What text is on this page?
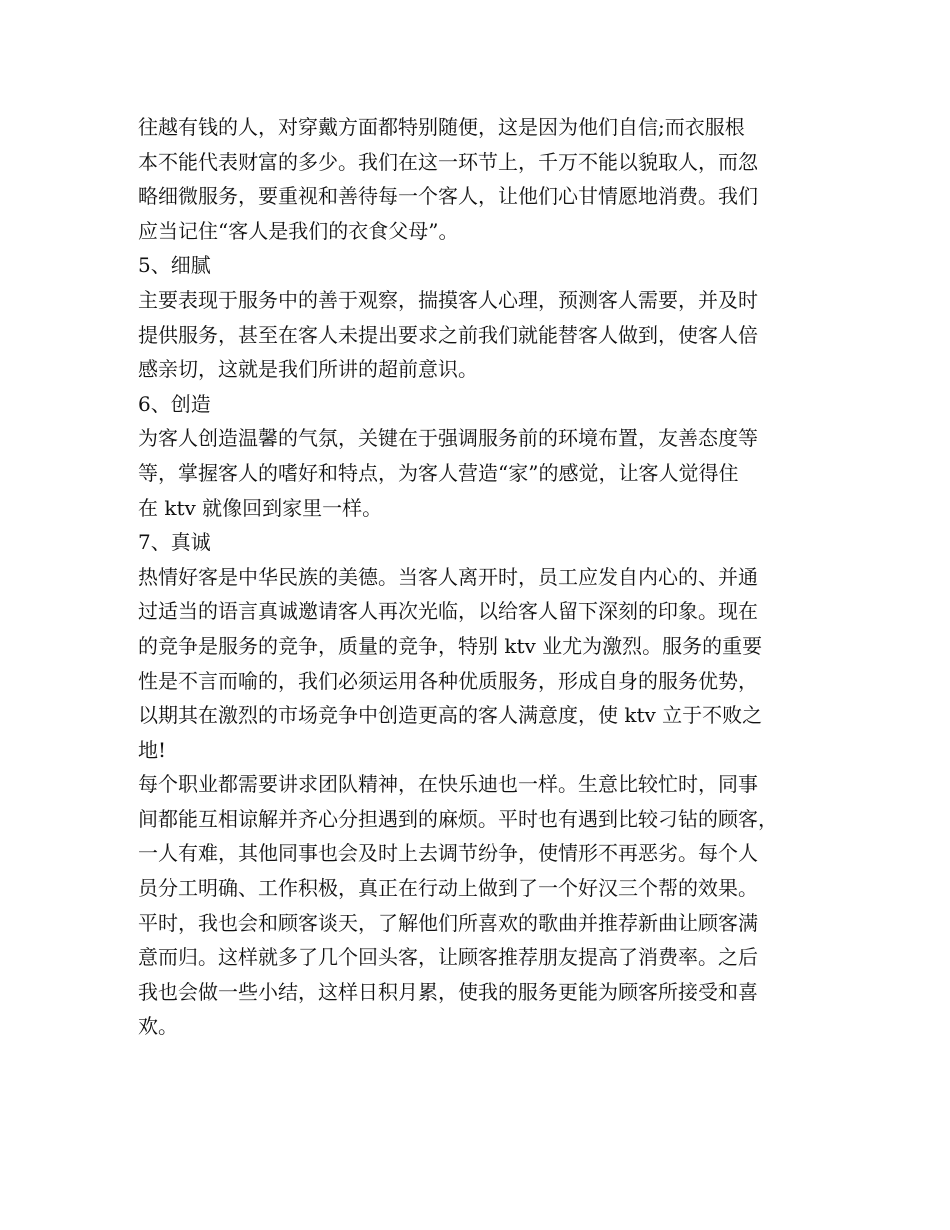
往越有钱的人，对穿戴方面都特别随便，这是因为他们自信;而衣服根
本不能代表财富的多少。我们在这一环节上，千万不能以貌取人，而忽
略细微服务，要重视和善待每一个客人，让他们心甘情愿地消费。我们
应当记住“客人是我们的衣食父母”。
5、细腻
主要表现于服务中的善于观察，揣摸客人心理，预测客人需要，并及时
提供服务，甚至在客人未提出要求之前我们就能替客人做到，使客人倍
感亲切，这就是我们所讲的超前意识。
6、创造
为客人创造温馨的气氛，关键在于强调服务前的环境布置，友善态度等
等，掌握客人的嗜好和特点，为客人营造“家”的感觉，让客人觉得住
在 ktv 就像回到家里一样。
7、真诚
热情好客是中华民族的美德。当客人离开时，员工应发自内心的、并通
过适当的语言真诚邀请客人再次光临，以给客人留下深刻的印象。现在
的竞争是服务的竞争，质量的竞争，特别 ktv 业尤为激烈。服务的重要
性是不言而喻的，我们必须运用各种优质服务，形成自身的服务优势，
以期其在激烈的市场竞争中创造更高的客人满意度，使 ktv 立于不败之
地!
每个职业都需要讲求团队精神，在快乐迪也一样。生意比较忙时，同事
间都能互相谅解并齐心分担遇到的麻烦。平时也有遇到比较刁钻的顾客，
一人有难，其他同事也会及时上去调节纷争，使情形不再恶劣。每个人
员分工明确、工作积极，真正在行动上做到了一个好汉三个帮的效果。
平时，我也会和顾客谈天，了解他们所喜欢的歌曲并推荐新曲让顾客满
意而归。这样就多了几个回头客，让顾客推荐朋友提高了消费率。之后
我也会做一些小结，这样日积月累，使我的服务更能为顾客所接受和喜
欢。
